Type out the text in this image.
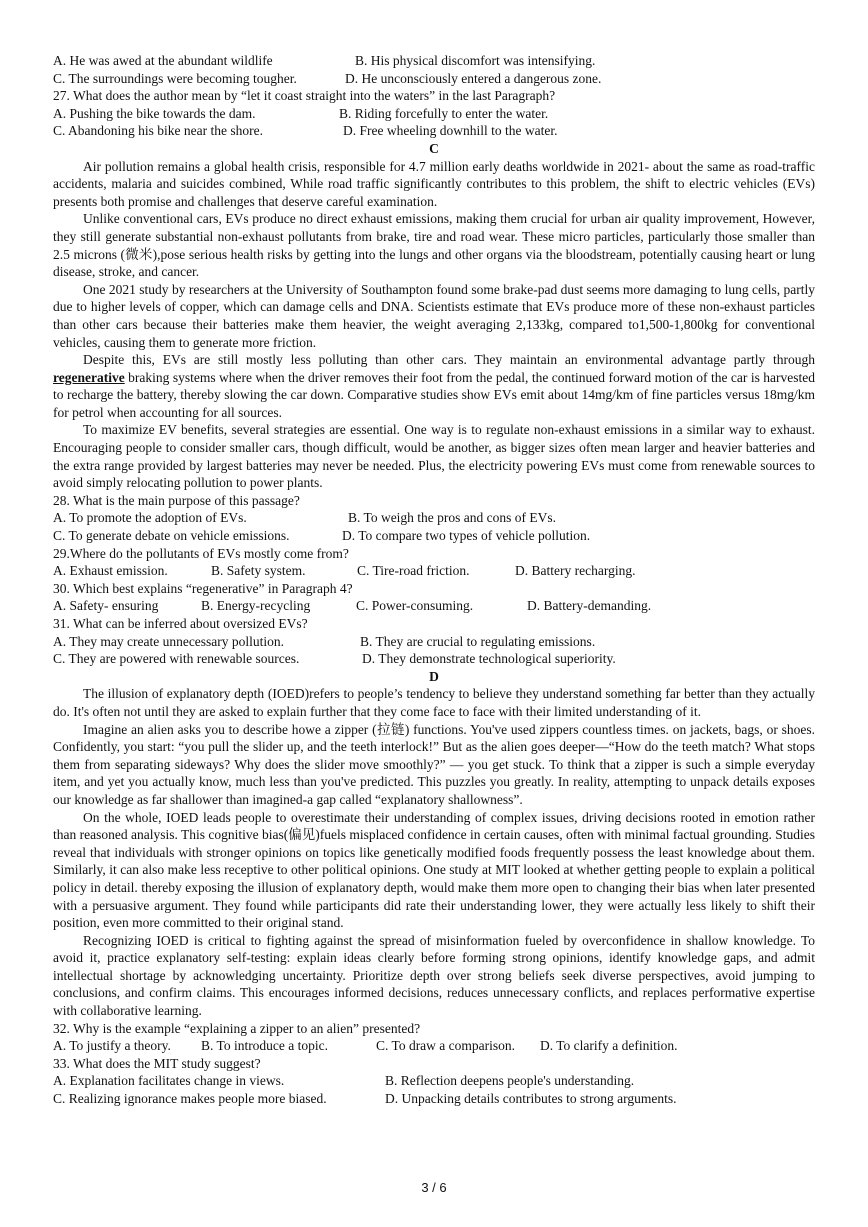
A. He was awed at the abundant wildlife	B. His physical discomfort was intensifying.
C. The surroundings were becoming tougher.	D. He unconsciously entered a dangerous zone.
27. What does the author mean by “let it coast straight into the waters” in the last Paragraph?
A. Pushing the bike towards the dam.	B. Riding forcefully to enter the water.
C. Abandoning his bike near the shore.	D. Free wheeling downhill to the water.
C

Air pollution remains a global health crisis, responsible for 4.7 million early deaths worldwide in 2021- about the same as road-traffic accidents, malaria and suicides combined, While road traffic significantly contributes to this problem, the shift to electric vehicles (EVs) presents both promise and challenges that deserve careful examination.

Unlike conventional cars, EVs produce no direct exhaust emissions, making them crucial for urban air quality improvement, However, they still generate substantial non-exhaust pollutants from brake, tire and road wear. These micro particles, particularly those smaller than 2.5 microns (微米),pose serious health risks by getting into the lungs and other organs via the bloodstream, potentially causing heart or lung disease, stroke, and cancer.

One 2021 study by researchers at the University of Southampton found some brake-pad dust seems more damaging to lung cells, partly due to higher levels of copper, which can damage cells and DNA. Scientists estimate that EVs produce more of these non-exhaust particles than other cars because their batteries make them heavier, the weight averaging 2,133kg, compared to1,500-1,800kg for conventional vehicles, causing them to generate more friction.

Despite this, EVs are still mostly less polluting than other cars. They maintain an environmental advantage partly through regenerative braking systems where when the driver removes their foot from the pedal, the continued forward motion of the car is harvested to recharge the battery, thereby slowing the car down. Comparative studies show EVs emit about 14mg/km of fine particles versus 18mg/km for petrol when accounting for all sources.

To maximize EV benefits, several strategies are essential. One way is to regulate non-exhaust emissions in a similar way to exhaust. Encouraging people to consider smaller cars, though difficult, would be another, as bigger sizes often mean larger and heavier batteries and the extra range provided by largest batteries may never be needed. Plus, the electricity powering EVs must come from renewable sources to avoid simply relocating pollution to power plants.

28. What is the main purpose of this passage?
A. To promote the adoption of EVs.	B. To weigh the pros and cons of EVs.
C. To generate debate on vehicle emissions.	D. To compare two types of vehicle pollution.
29.Where do the pollutants of EVs mostly come from?
A. Exhaust emission.	B. Safety system.	C. Tire-road friction.	D. Battery recharging.
30. Which best explains “regenerative” in Paragraph 4?
A. Safety- ensuring	B. Energy-recycling	C. Power-consuming.	D. Battery-demanding.
31. What can be inferred about oversized EVs?
A. They may create unnecessary pollution.	B. They are crucial to regulating emissions.
C. They are powered with renewable sources.	D. They demonstrate technological superiority.
D

The illusion of explanatory depth (IOED)refers to people’s tendency to believe they understand something far better than they actually do. It's often not until they are asked to explain further that they come face to face with their limited understanding of it.

Imagine an alien asks you to describe howe a zipper (拉链) functions. You've used zippers countless times. on jackets, bags, or shoes. Confidently, you start: “you pull the slider up, and the teeth interlock!” But as the alien goes deeper—“How do the teeth match? What stops them from separating sideways? Why does the slider move smoothly?” — you get stuck. To think that a zipper is such a simple everyday item, and yet you actually know, much less than you've predicted. This puzzles you greatly. In reality, attempting to unpack details exposes our knowledge as far shallower than imagined-a gap called “explanatory shallowness”.

On the whole, IOED leads people to overestimate their understanding of complex issues, driving decisions rooted in emotion rather than reasoned analysis. This cognitive bias(偏见)fuels misplaced confidence in certain causes, often with minimal factual grounding. Studies reveal that individuals with stronger opinions on topics like genetically modified foods frequently possess the least knowledge about them. Similarly, it can also make less receptive to other political opinions. One study at MIT looked at whether getting people to explain a political policy in detail. thereby exposing the illusion of explanatory depth, would make them more open to changing their bias when later presented with a persuasive argument. They found while participants did rate their understanding lower, they were actually less likely to shift their position, even more committed to their original stand.

Recognizing IOED is critical to fighting against the spread of misinformation fueled by overconfidence in shallow knowledge. To avoid it, practice explanatory self-testing: explain ideas clearly before forming strong opinions, identify knowledge gaps, and admit intellectual shortage by acknowledging uncertainty. Prioritize depth over strong beliefs seek diverse perspectives, avoid jumping to conclusions, and confirm claims. This encourages informed decisions, reduces unnecessary conflicts, and replaces performative expertise with collaborative learning.

32. Why is the example “explaining a zipper to an alien” presented?
A. To justify a theory.	B. To introduce a topic.	C. To draw a comparison.	D. To clarify a definition.
33. What does the MIT study suggest?
A. Explanation facilitates change in views.	B. Reflection deepens people's understanding.
C. Realizing ignorance makes people more biased.	D. Unpacking details contributes to strong arguments.
3 / 6
